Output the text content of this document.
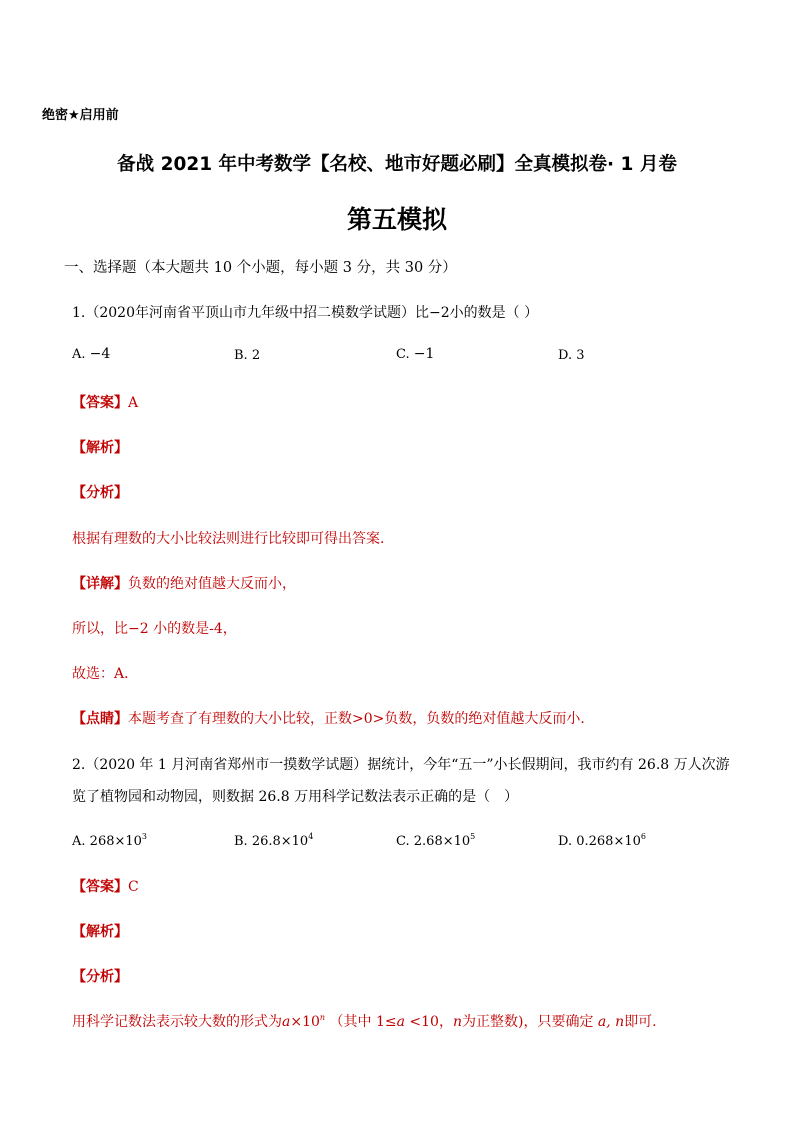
绝密★启用前
备战 2021 年中考数学【名校、地市好题必刷】全真模拟卷· 1 月卷
第五模拟
一、选择题（本大题共 10 个小题，每小题 3 分，共 30 分）
1.（2020年河南省平顶山市九年级中招二模数学试题）比−2小的数是（ ）
A. −4	B. 2	C. −1	D. 3
【答案】A
【解析】
【分析】
根据有理数的大小比较法则进行比较即可得出答案．
【详解】负数的绝对值越大反而小，
所以，比−2 小的数是-4，
故选：A．
【点睛】本题考查了有理数的大小比较，正数>0>负数，负数的绝对值越大反而小．
2.（2020 年 1 月河南省郑州市一摸数学试题）据统计，今年“五一”小长假期间，我市约有 26.8 万人次游
览了植物园和动物园，则数据 26.8 万用科学记数法表示正确的是（　）
A. $268\times 10^3$	B. $26.8\times 10^4$	C. $2.68\times 10^5$	D. $0.268\times 10^6$
【答案】C
【解析】
【分析】
用科学记数法表示较大数的形式为$a\times 10^n$ （其中 1≤a <10，n为正整数)，只要确定 a, n即可.
